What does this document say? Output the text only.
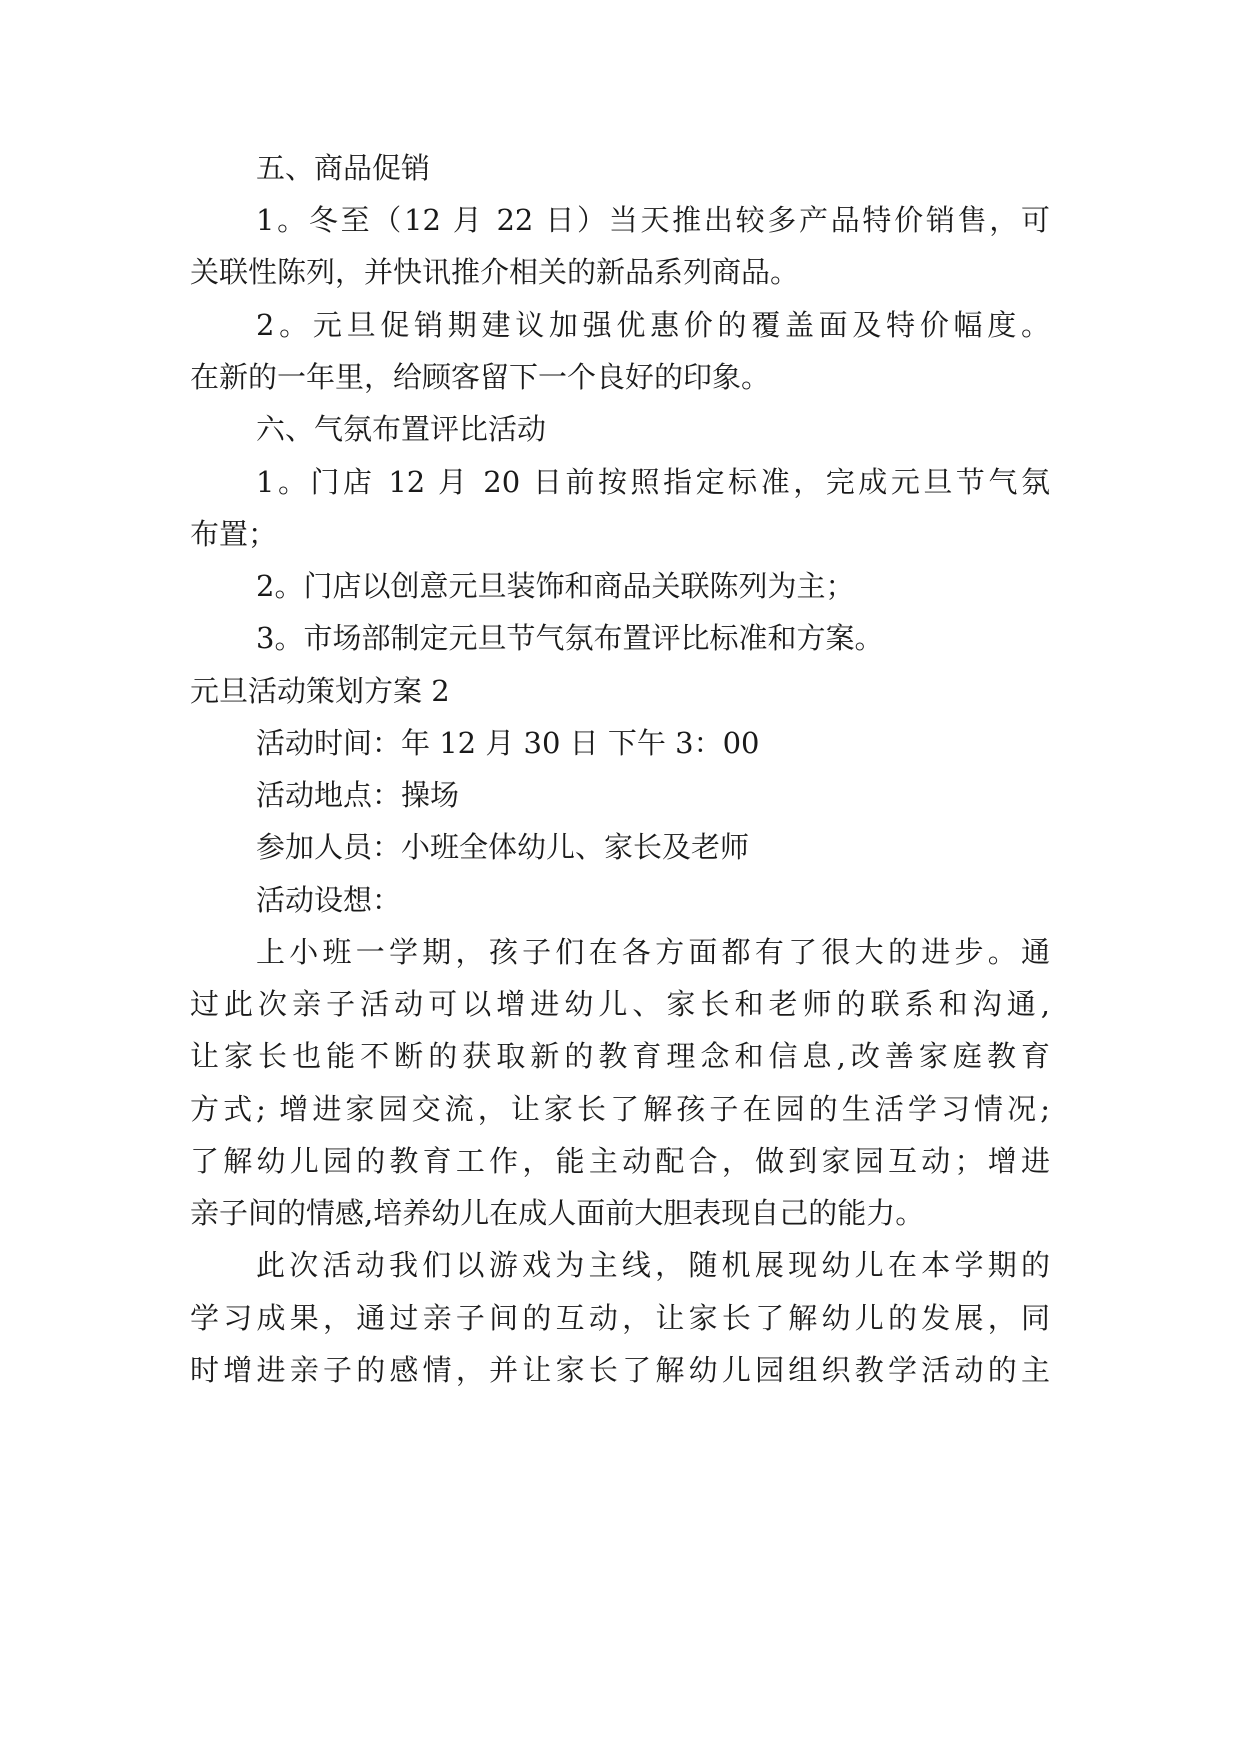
五、商品促销
1。冬至（12 月 22 日）当天推出较多产品特价销售，可
关联性陈列，并快讯推介相关的新品系列商品。
2。元旦促销期建议加强优惠价的覆盖面及特价幅度。
在新的一年里，给顾客留下一个良好的印象。
六、气氛布置评比活动
1。门店 12 月 20 日前按照指定标准，完成元旦节气氛
布置；
2。门店以创意元旦装饰和商品关联陈列为主；
3。市场部制定元旦节气氛布置评比标准和方案。
元旦活动策划方案 2
活动时间：年 12 月 30 日 下午 3：00
活动地点：操场
参加人员：小班全体幼儿、家长及老师
活动设想：
上小班一学期，孩子们在各方面都有了很大的进步。通
过此次亲子活动可以增进幼儿、家长和老师的联系和沟通,
让家长也能不断的获取新的教育理念和信息,改善家庭教育
方式; 增进家园交流，让家长了解孩子在园的生活学习情况;
了解幼儿园的教育工作，能主动配合，做到家园互动；增进
亲子间的情感,培养幼儿在成人面前大胆表现自己的能力。
此次活动我们以游戏为主线，随机展现幼儿在本学期的
学习成果，通过亲子间的互动，让家长了解幼儿的发展，同
时增进亲子的感情，并让家长了解幼儿园组织教学活动的主
